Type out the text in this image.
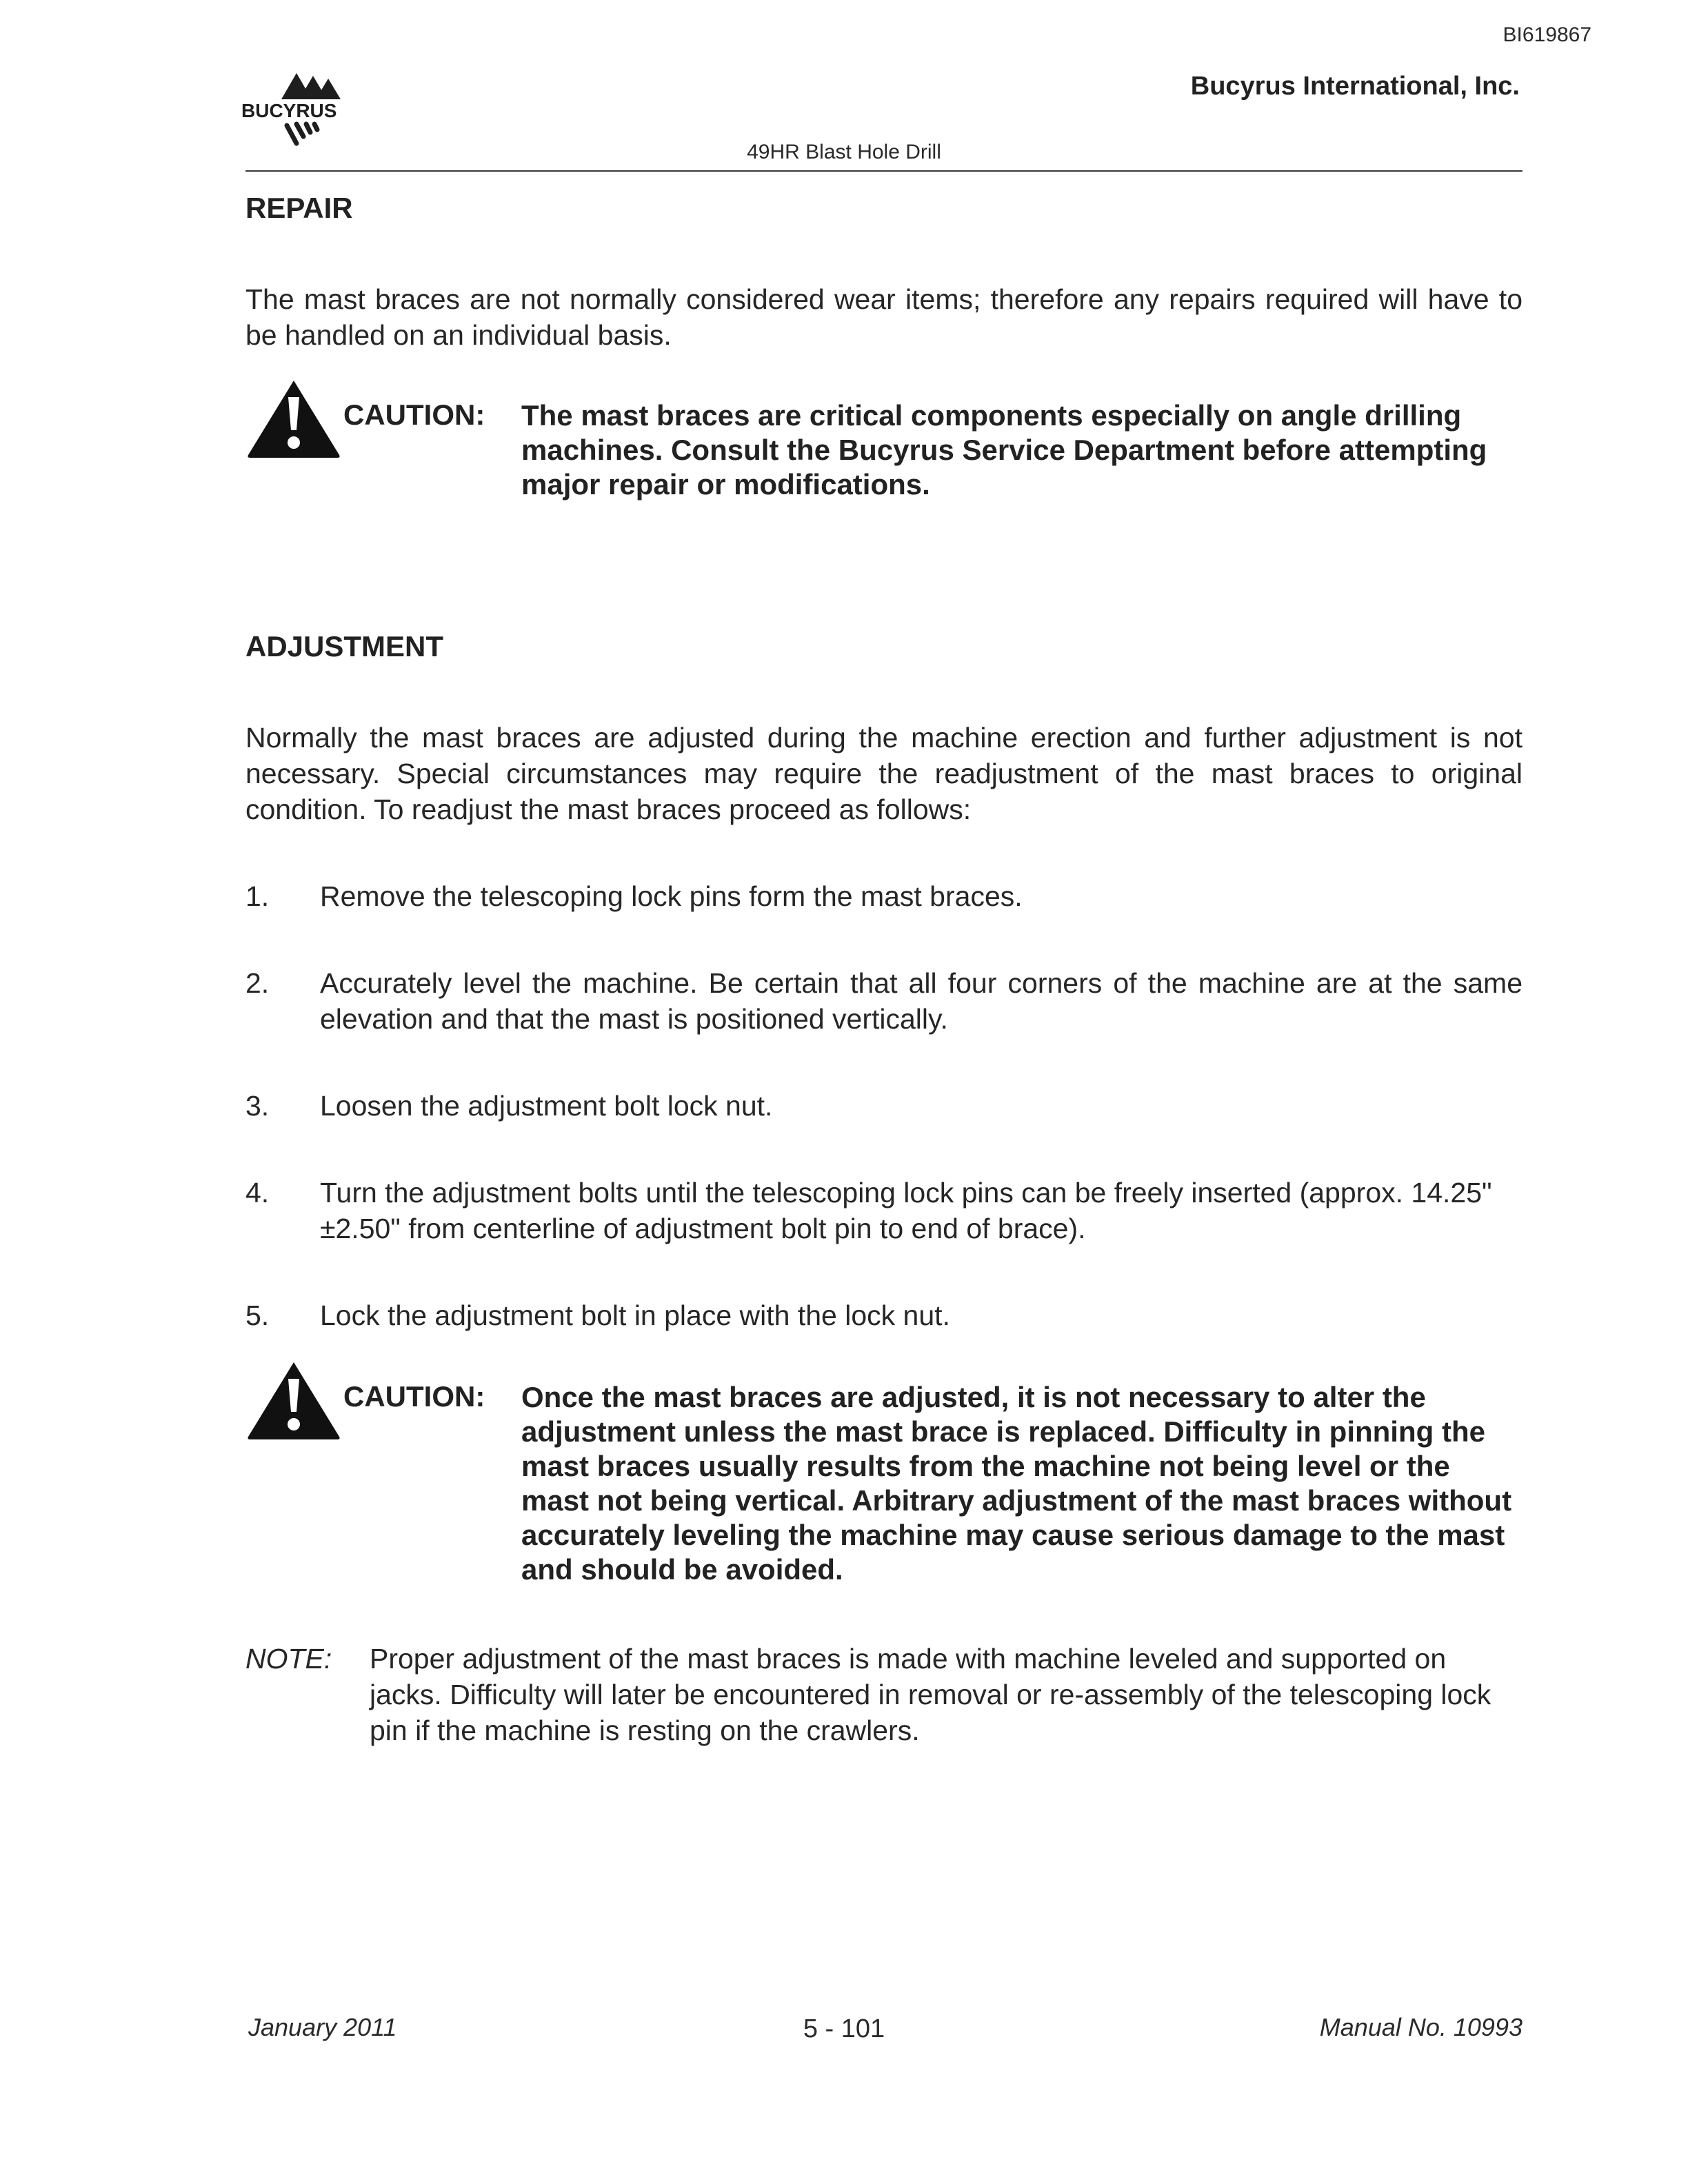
BI619867
BUCYRUS
Bucyrus International, Inc.
49HR Blast Hole Drill
REPAIR
The mast braces are not normally considered wear items; therefore any repairs required will have to be handled on an individual basis.
CAUTION: The mast braces are critical components especially on angle drilling machines. Consult the Bucyrus Service Department before attempting major repair or modifications.
ADJUSTMENT
Normally the mast braces are adjusted during the machine erection and further adjustment is not necessary. Special circumstances may require the readjustment of the mast braces to original condition. To readjust the mast braces proceed as follows:
1. Remove the telescoping lock pins form the mast braces.
2. Accurately level the machine. Be certain that all four corners of the machine are at the same elevation and that the mast is positioned vertically.
3. Loosen the adjustment bolt lock nut.
4. Turn the adjustment bolts until the telescoping lock pins can be freely inserted (approx. 14.25" ±2.50" from centerline of adjustment bolt pin to end of brace).
5. Lock the adjustment bolt in place with the lock nut.
CAUTION: Once the mast braces are adjusted, it is not necessary to alter the adjustment unless the mast brace is replaced. Difficulty in pinning the mast braces usually results from the machine not being level or the mast not being vertical. Arbitrary adjustment of the mast braces without accurately leveling the machine may cause serious damage to the mast and should be avoided.
NOTE: Proper adjustment of the mast braces is made with machine leveled and supported on jacks. Difficulty will later be encountered in removal or re-assembly of the telescoping lock pin if the machine is resting on the crawlers.
January 2011	5 - 101	Manual No. 10993
